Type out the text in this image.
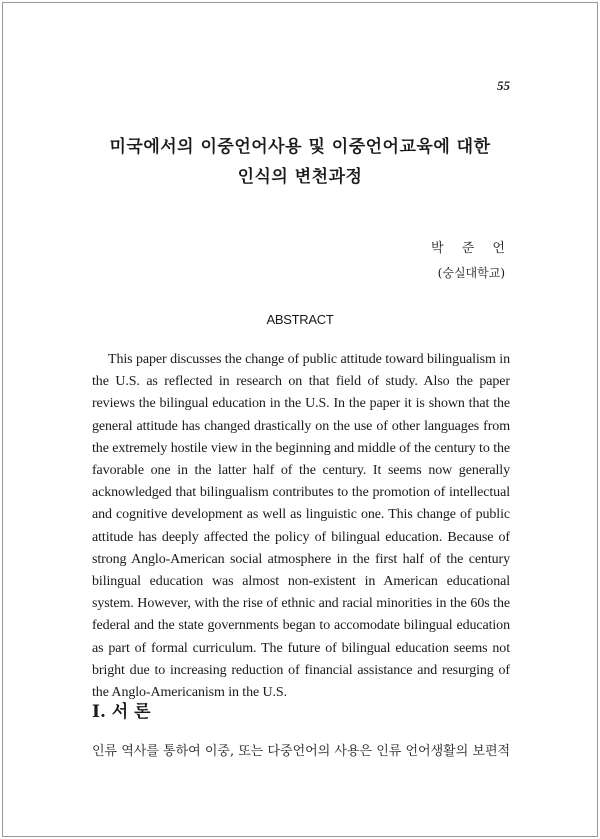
55
미국에서의 이중언어사용 및 이중언어교육에 대한
인식의 변천과정
박 준 언
(숭실대학교)
ABSTRACT
This paper discusses the change of public attitude toward bilingualism in the U.S. as reflected in research on that field of study. Also the paper reviews the bilingual education in the U.S. In the paper it is shown that the general attitude has changed drastically on the use of other languages from the extremely hostile view in the beginning and middle of the century to the favorable one in the latter half of the century. It seems now generally acknowledged that bilingualism contributes to the promotion of intellectual and cognitive development as well as linguistic one. This change of public attitude has deeply affected the policy of bilingual education. Because of strong Anglo-American social atmosphere in the first half of the century bilingual education was almost non-existent in American educational system. However, with the rise of ethnic and racial minorities in the 60s the federal and the state governments began to accomodate bilingual education as part of formal curriculum. The future of bilingual education seems not bright due to increasing reduction of financial assistance and resurging of the Anglo-Americanism in the U.S.
I. 서 론
인류 역사를 통하여 이중, 또는 다중언어의 사용은 인류 언어생활의 보편적
